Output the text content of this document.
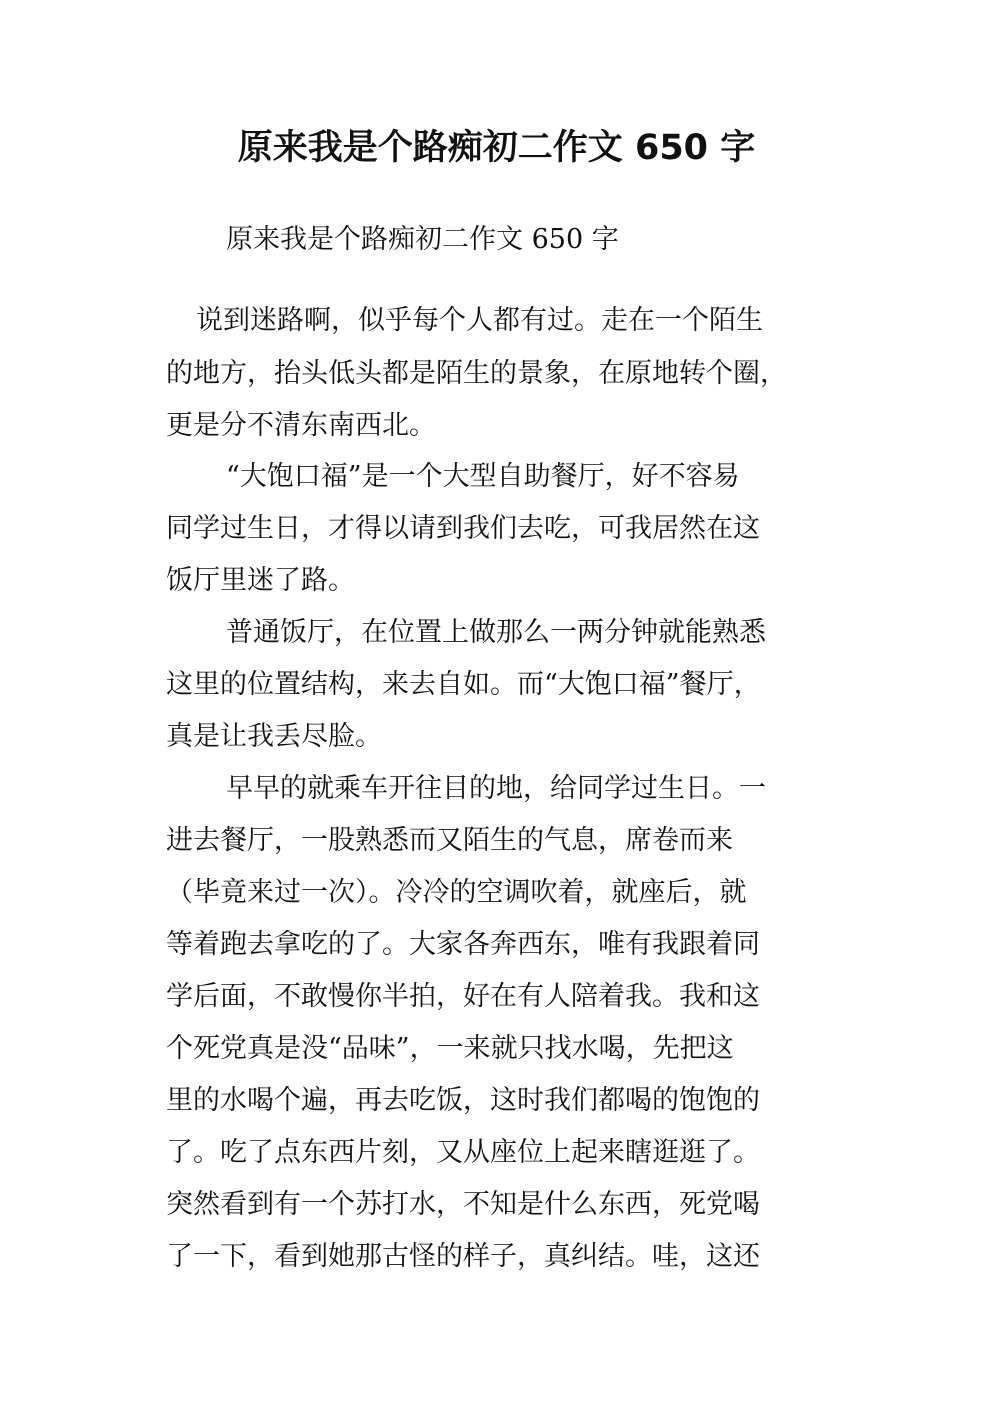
原来我是个路痴初二作文 650 字
原来我是个路痴初二作文 650 字
说到迷路啊，似乎每个人都有过。走在一个陌生
的地方，抬头低头都是陌生的景象，在原地转个圈，
更是分不清东南西北。
“大饱口福”是一个大型自助餐厅，好不容易
同学过生日，才得以请到我们去吃，可我居然在这
饭厅里迷了路。
普通饭厅，在位置上做那么一两分钟就能熟悉
这里的位置结构，来去自如。而“大饱口福”餐厅，
真是让我丢尽脸。
早早的就乘车开往目的地，给同学过生日。一
进去餐厅，一股熟悉而又陌生的气息，席卷而来
（毕竟来过一次）。冷冷的空调吹着，就座后，就
等着跑去拿吃的了。大家各奔西东，唯有我跟着同
学后面，不敢慢你半拍，好在有人陪着我。我和这
个死党真是没“品味”，一来就只找水喝，先把这
里的水喝个遍，再去吃饭，这时我们都喝的饱饱的
了。吃了点东西片刻，又从座位上起来瞎逛逛了。
突然看到有一个苏打水，不知是什么东西，死党喝
了一下，看到她那古怪的样子，真纠结。哇，这还
